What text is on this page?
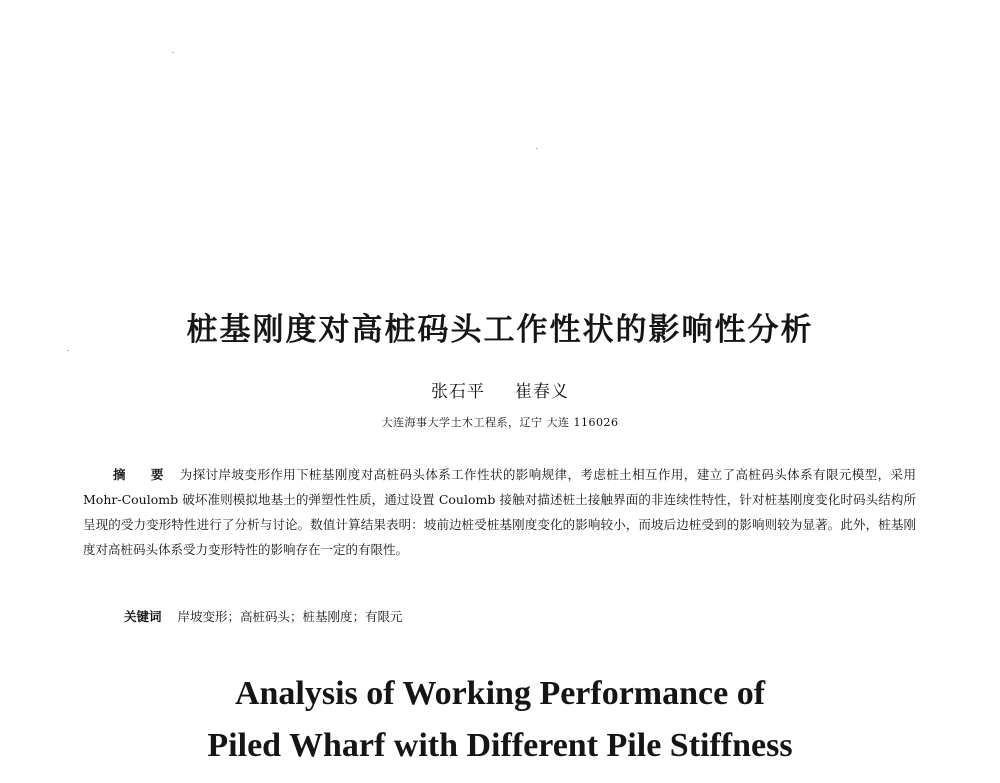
桩基刚度对高桩码头工作性状的影响性分析
张石平 崔春义
大连海事大学土木工程系，辽宁 大连 116026

摘　要 为探讨岸坡变形作用下桩基刚度对高桩码头体系工作性状的影响规律，考虑桩土相互作用，建立了高桩码头体系有限元模型，采用 Mohr-Coulomb 破坏准则模拟地基土的弹塑性性质，通过设置 Coulomb 接触对描述桩土接触界面的非连续性特性，针对桩基刚度变化时码头结构所呈现的受力变形特性进行了分析与讨论。数值计算结果表明：坡前边桩受桩基刚度变化的影响较小，而坡后边桩受到的影响则较为显著。此外，桩基刚度对高桩码头体系受力变形特性的影响存在一定的有限性。

关键词 岸坡变形；高桩码头；桩基刚度；有限元

Analysis of Working Performance of
Piled Wharf with Different Pile Stiffness
